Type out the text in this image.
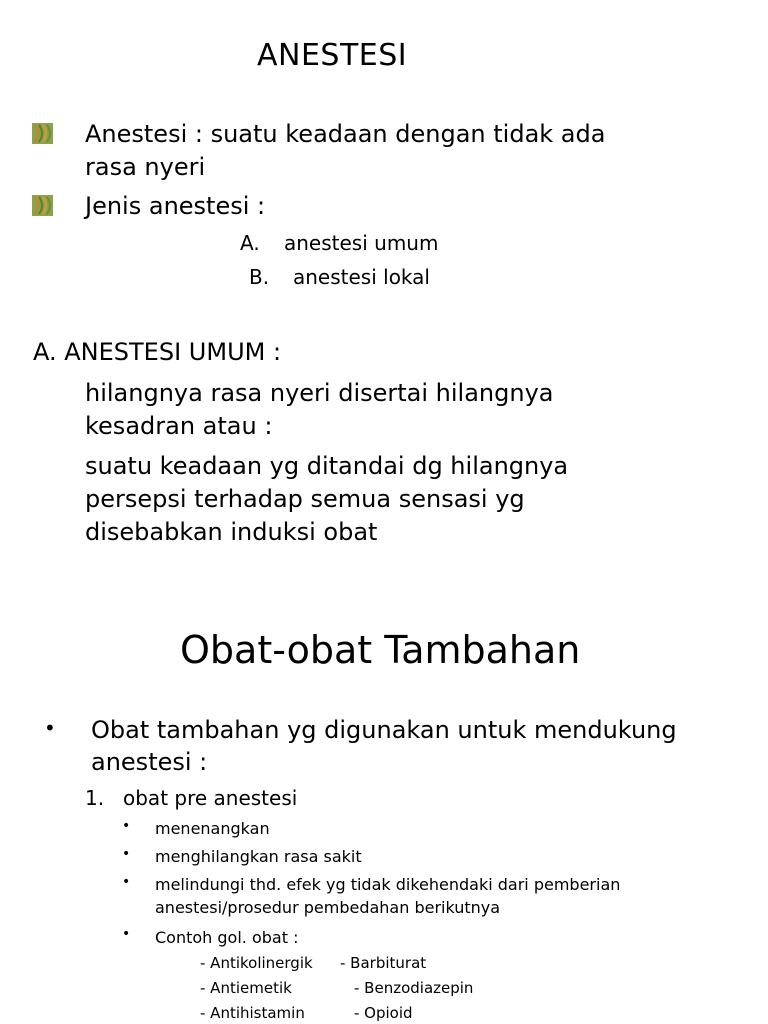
ANESTESI
Anestesi : suatu keadaan dengan tidak ada
rasa nyeri
Jenis anestesi :
A. anestesi umum
B. anestesi lokal
A. ANESTESI UMUM :
hilangnya rasa nyeri disertai hilangnya
kesadran atau :
suatu keadaan yg ditandai dg hilangnya
persepsi terhadap semua sensasi yg
disebabkan induksi obat
Obat-obat Tambahan
• Obat tambahan yg digunakan untuk mendukung
anestesi :
1. obat pre anestesi
• menenangkan
• menghilangkan rasa sakit
• melindungi thd. efek yg tidak dikehendaki dari pemberian
anestesi/prosedur pembedahan berikutnya
• Contoh gol. obat :
- Antikolinergik - Barbiturat
- Antiemetik	- Benzodiazepin
- Antihistamin	- Opioid
